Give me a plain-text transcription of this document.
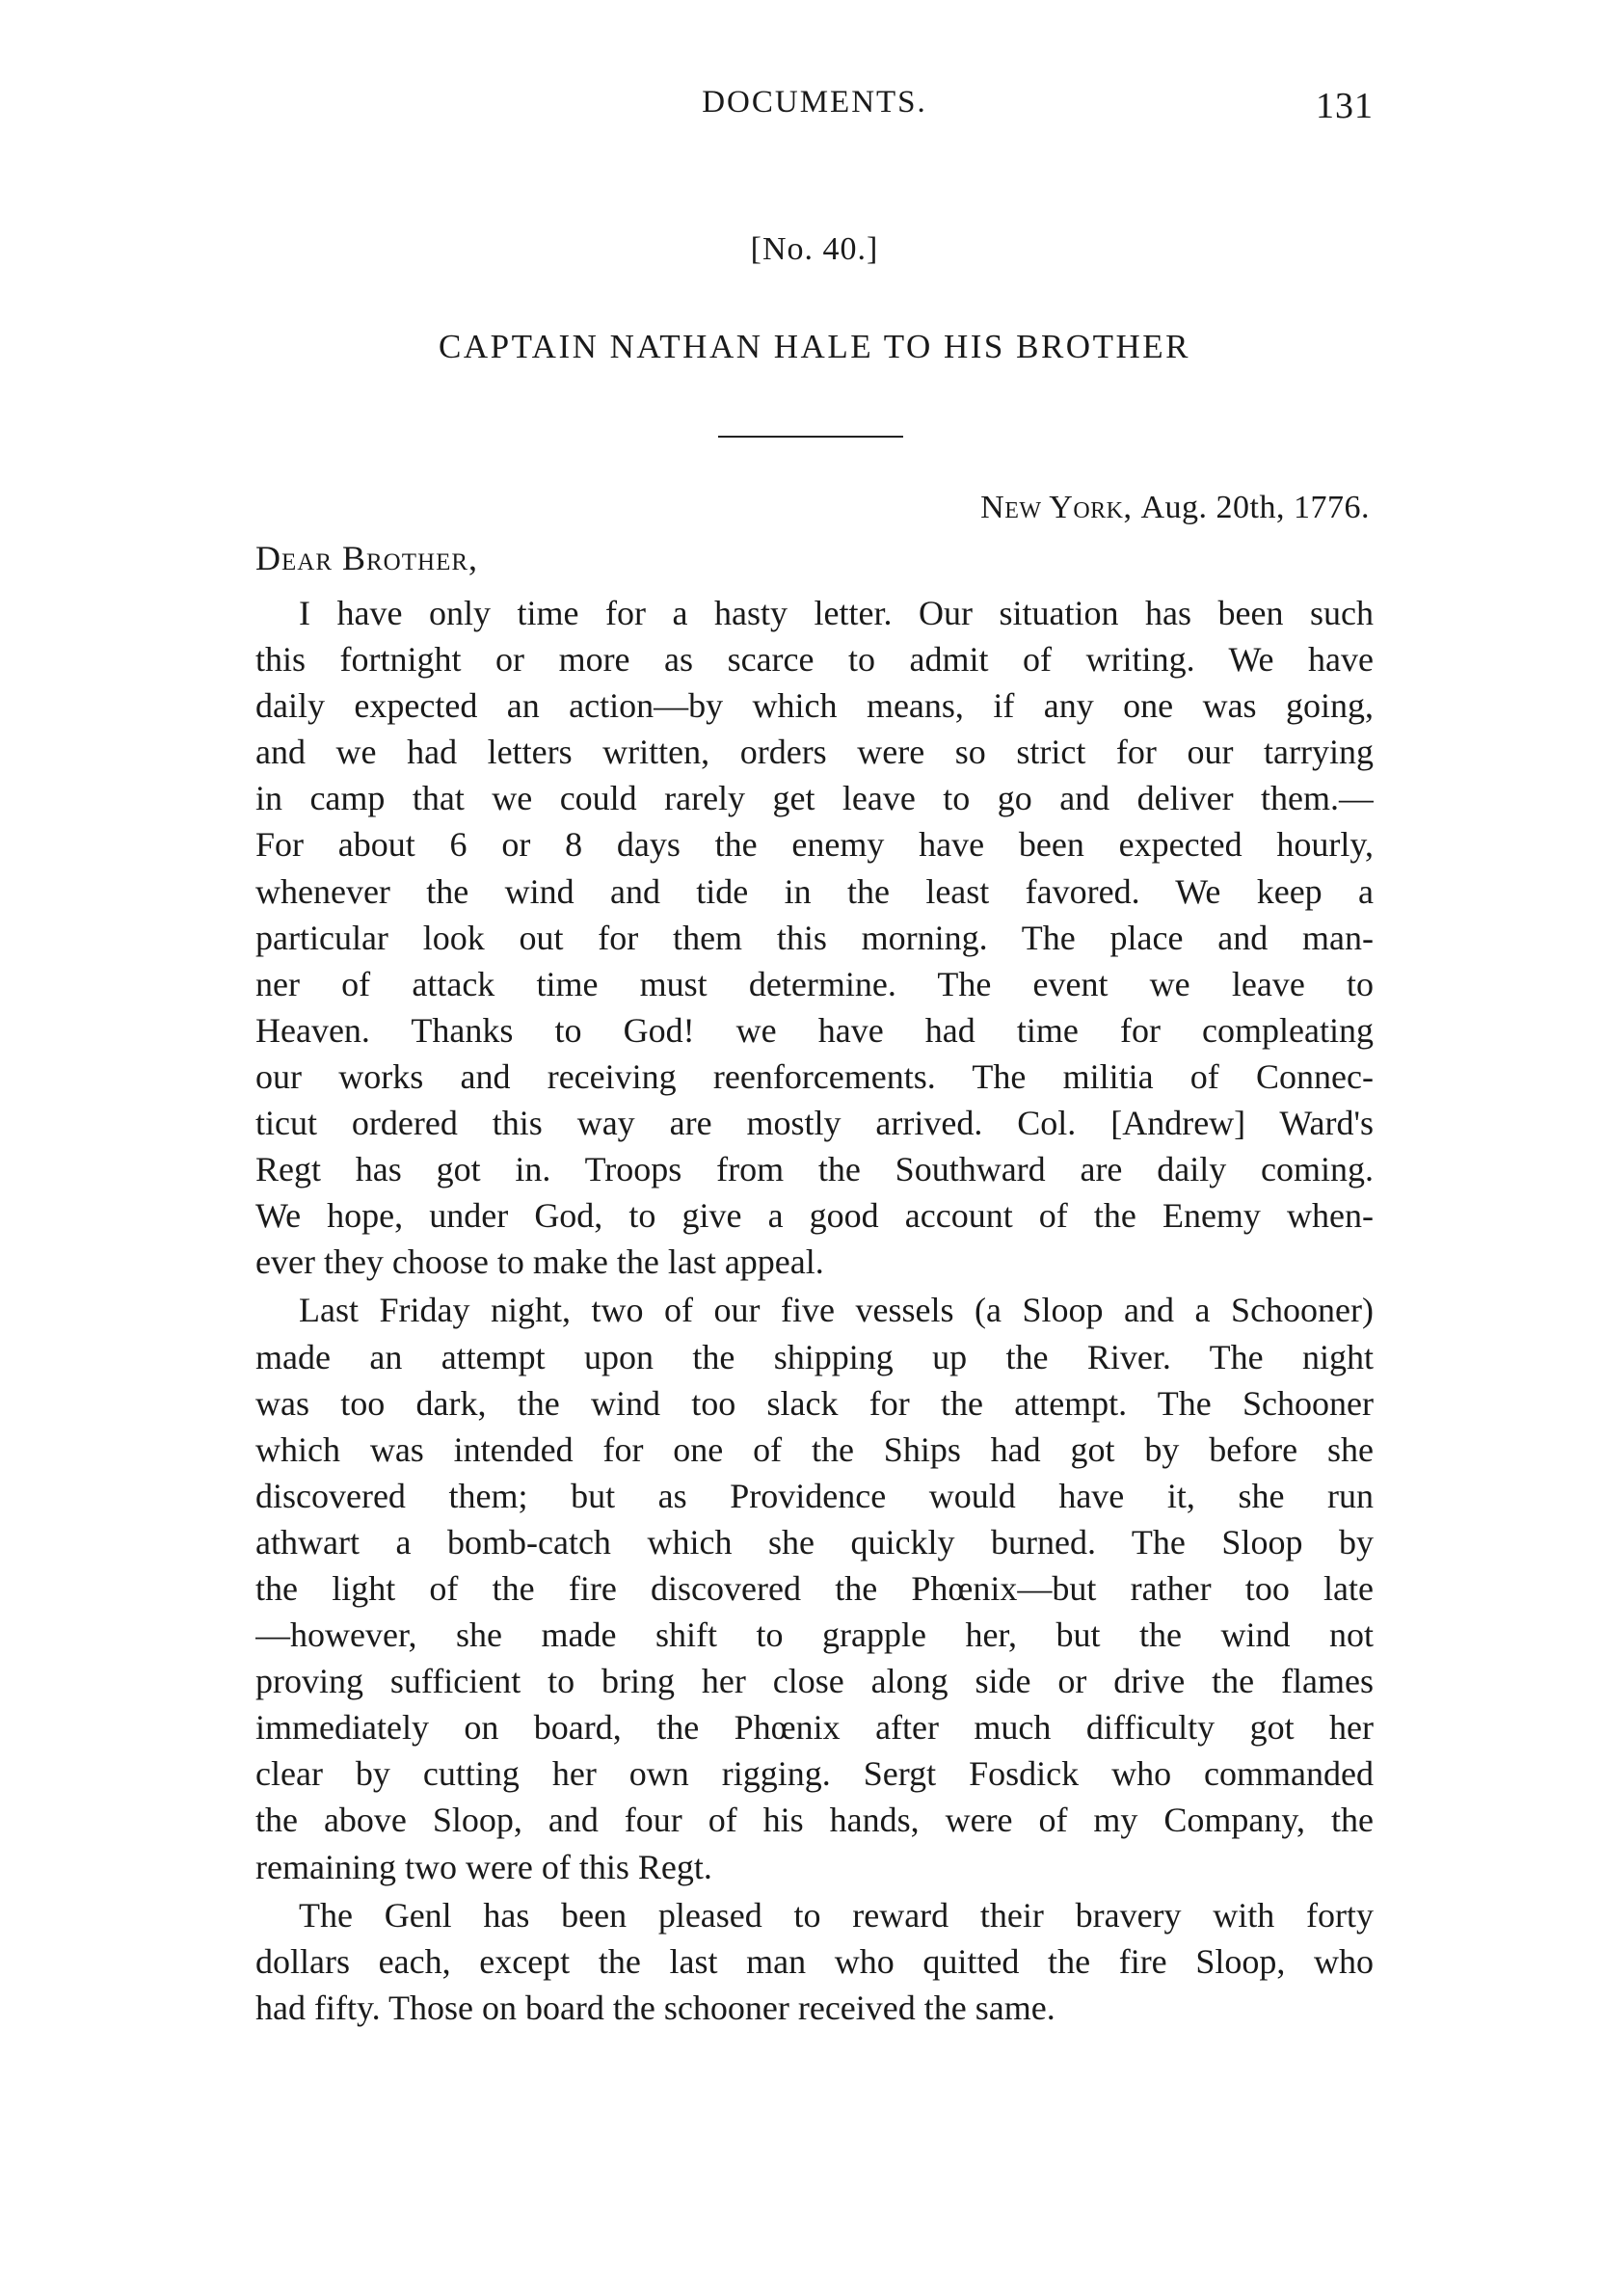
DOCUMENTS.	131
[No. 40.]
CAPTAIN NATHAN HALE TO HIS BROTHER
New York, Aug. 20th, 1776.
Dear Brother,
I have only time for a hasty letter. Our situation has been such
this fortnight or more as scarce to admit of writing. We have
daily expected an action—by which means, if any one was going,
and we had letters written, orders were so strict for our tarrying
in camp that we could rarely get leave to go and deliver them.—
For about 6 or 8 days the enemy have been expected hourly,
whenever the wind and tide in the least favored. We keep a
particular look out for them this morning. The place and man-
ner of attack time must determine. The event we leave to
Heaven. Thanks to God! we have had time for compleating
our works and receiving reenforcements. The militia of Connec-
ticut ordered this way are mostly arrived. Col. [Andrew] Ward's
Regt has got in. Troops from the Southward are daily coming.
We hope, under God, to give a good account of the Enemy when-
ever they choose to make the last appeal.
Last Friday night, two of our five vessels (a Sloop and a Schooner)
made an attempt upon the shipping up the River. The night
was too dark, the wind too slack for the attempt. The Schooner
which was intended for one of the Ships had got by before she
discovered them; but as Providence would have it, she run
athwart a bomb-catch which she quickly burned. The Sloop by
the light of the fire discovered the Phœnix—but rather too late
—however, she made shift to grapple her, but the wind not
proving sufficient to bring her close along side or drive the flames
immediately on board, the Phœnix after much difficulty got her
clear by cutting her own rigging. Sergt Fosdick who commanded
the above Sloop, and four of his hands, were of my Company, the
remaining two were of this Regt.
The Genl has been pleased to reward their bravery with forty
dollars each, except the last man who quitted the fire Sloop, who
had fifty. Those on board the schooner received the same.
